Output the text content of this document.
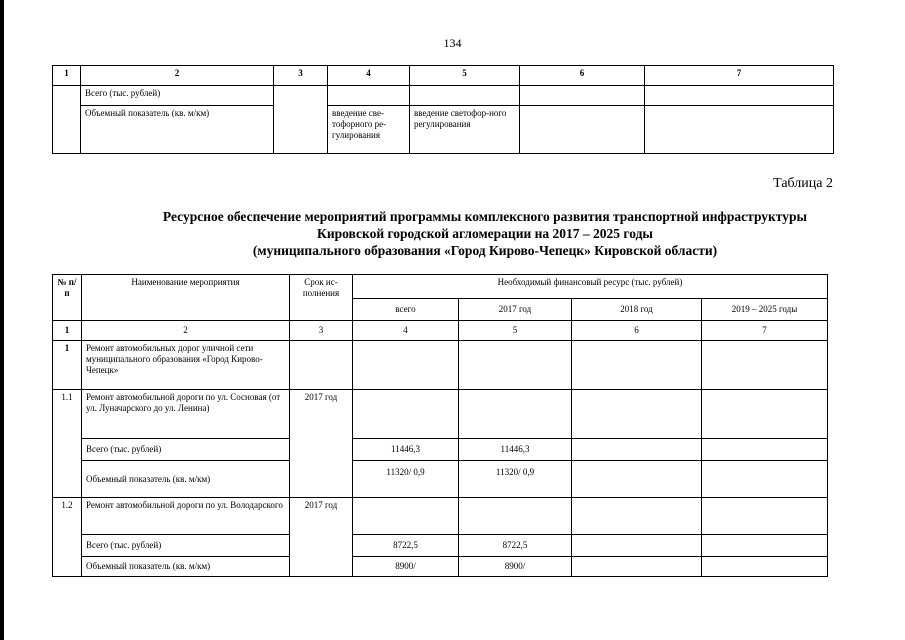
134
1	2	3	4	5	6	7
	Всего (тыс. рублей)					
	Объемный показатель (кв. м/км)		введение све-тофорного ре-гулирования	введение светофор-ного регулирования		
Таблица 2
Ресурсное обеспечение мероприятий программы комплексного развития транспортной инфраструктуры
Кировской городской агломерации на 2017 – 2025 годы
(муниципального образования «Город Кирово-Чепецк» Кировской области)
№ п/п	Наименование мероприятия	Срок ис-полнения	Необходимый финансовый ресурс (тыс. рублей)			
			всего	2017 год	2018 год	2019 – 2025 годы
1	2	3	4	5	6	7
1	Ремонт автомобильных дорог уличной сети муниципального образования «Город Кирово-Чепецк»					
1.1	Ремонт автомобильной дороги по ул. Сосновая (от ул. Луначарского до ул. Ленина)	2017 год				
	Всего (тыс. рублей)		11446,3	11446,3		
	Объемный показатель (кв. м/км)		11320/ 0,9	11320/ 0,9		
1.2	Ремонт автомобильной дороги по ул. Володарского	2017 год				
	Всего (тыс. рублей)		8722,5	8722,5		
	Объемный показатель (кв. м/км)		8900/	8900/		
